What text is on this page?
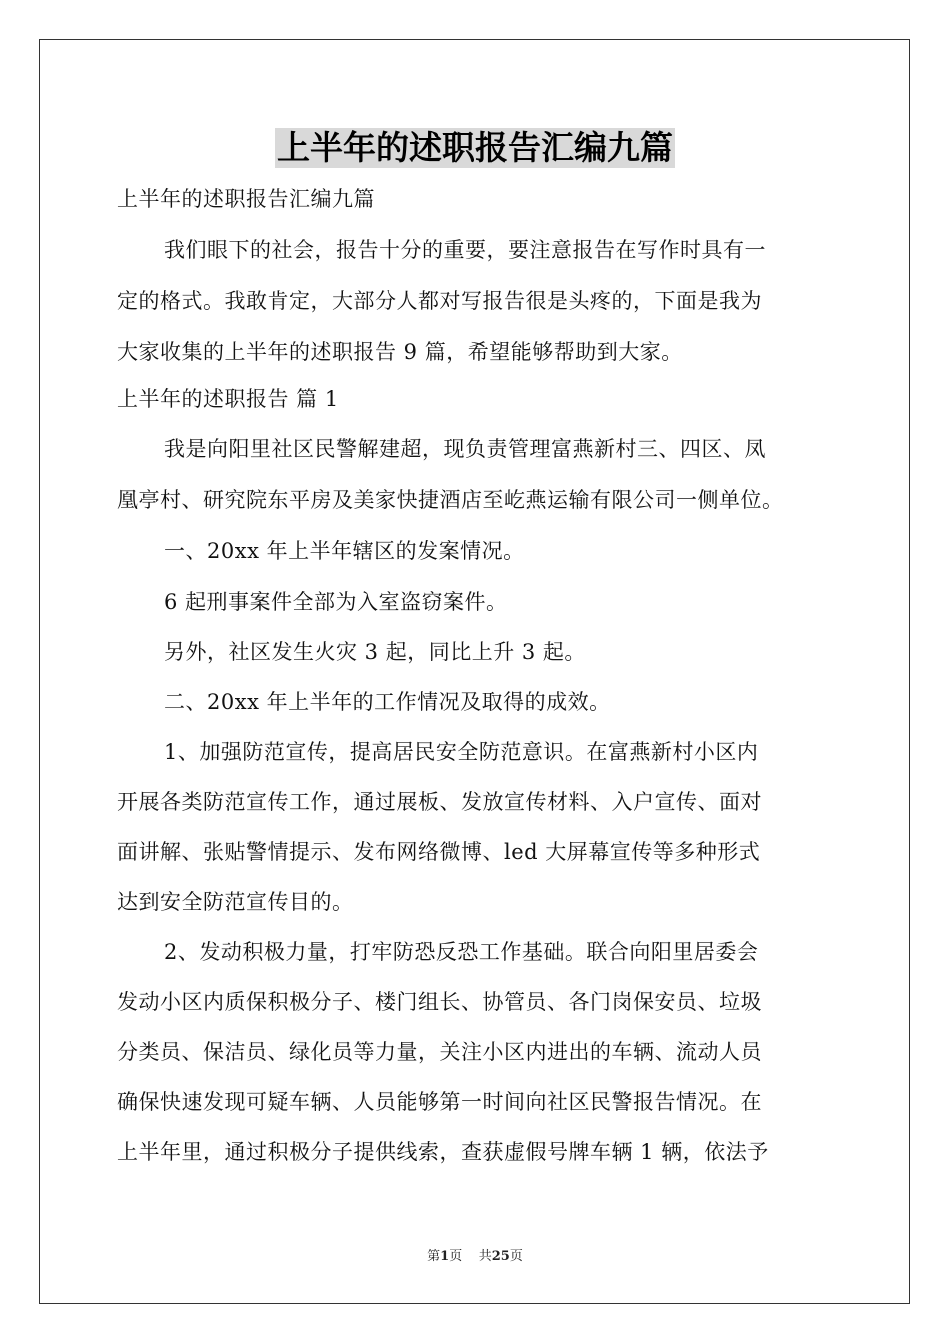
上半年的述职报告汇编九篇
上半年的述职报告汇编九篇
我们眼下的社会，报告十分的重要，要注意报告在写作时具有一
定的格式。我敢肯定，大部分人都对写报告很是头疼的，下面是我为
大家收集的上半年的述职报告 9 篇，希望能够帮助到大家。
上半年的述职报告 篇 1
我是向阳里社区民警解建超，现负责管理富燕新村三、四区、凤
凰亭村、研究院东平房及美家快捷酒店至屹燕运输有限公司一侧单位。
一、20xx 年上半年辖区的发案情况。
6 起刑事案件全部为入室盗窃案件。
另外，社区发生火灾 3 起，同比上升 3 起。
二、20xx 年上半年的工作情况及取得的成效。
1、加强防范宣传，提高居民安全防范意识。在富燕新村小区内
开展各类防范宣传工作，通过展板、发放宣传材料、入户宣传、面对
面讲解、张贴警情提示、发布网络微博、led 大屏幕宣传等多种形式
达到安全防范宣传目的。
2、发动积极力量，打牢防恐反恐工作基础。联合向阳里居委会
发动小区内质保积极分子、楼门组长、协管员、各门岗保安员、垃圾
分类员、保洁员、绿化员等力量，关注小区内进出的车辆、流动人员
确保快速发现可疑车辆、人员能够第一时间向社区民警报告情况。在
上半年里，通过积极分子提供线索，查获虚假号牌车辆 1 辆，依法予
第1页    共25页
